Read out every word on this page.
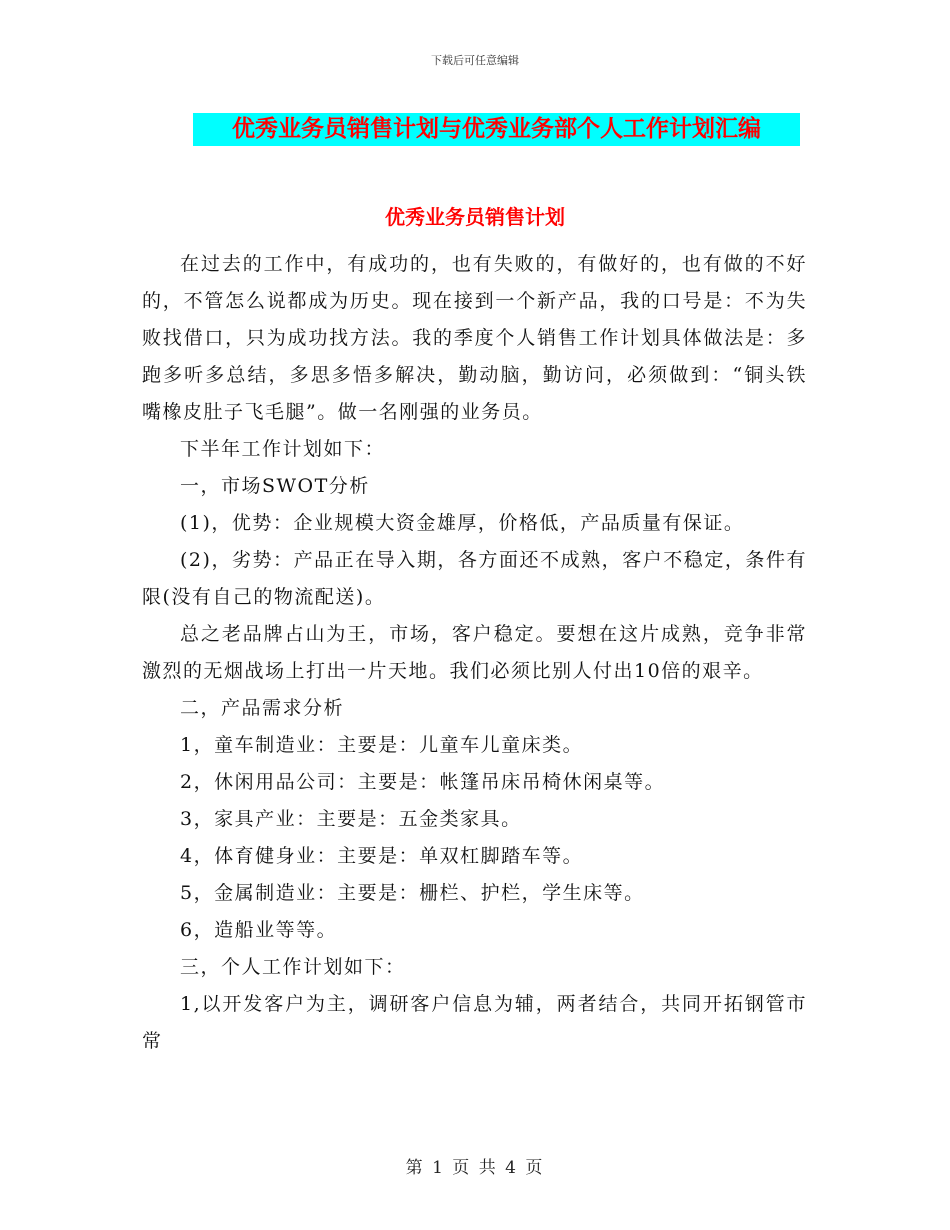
下载后可任意编辑
优秀业务员销售计划与优秀业务部个人工作计划汇编
优秀业务员销售计划

在过去的工作中，有成功的，也有失败的，有做好的，也有做的不好的，不管怎么说都成为历史。现在接到一个新产品，我的口号是：不为失败找借口，只为成功找方法。我的季度个人销售工作计划具体做法是：多跑多听多总结，多思多悟多解决，勤动脑，勤访问，必须做到：“铜头铁嘴橡皮肚子飞毛腿”。做一名刚强的业务员。

下半年工作计划如下：

一，市场SWOT分析

(1)，优势：企业规模大资金雄厚，价格低，产品质量有保证。

(2)，劣势：产品正在导入期，各方面还不成熟，客户不稳定，条件有限(没有自己的物流配送)。

总之老品牌占山为王，市场，客户稳定。要想在这片成熟，竞争非常激烈的无烟战场上打出一片天地。我们必须比别人付出10倍的艰辛。

二，产品需求分析

1，童车制造业：主要是：儿童车儿童床类。

2，休闲用品公司：主要是：帐篷吊床吊椅休闲桌等。

3，家具产业：主要是：五金类家具。

4，体育健身业：主要是：单双杠脚踏车等。

5，金属制造业：主要是：栅栏、护栏，学生床等。

6，造船业等等。

三，个人工作计划如下：

1,以开发客户为主，调研客户信息为辅，两者结合，共同开拓钢管市常

第 1 页 共 4 页
